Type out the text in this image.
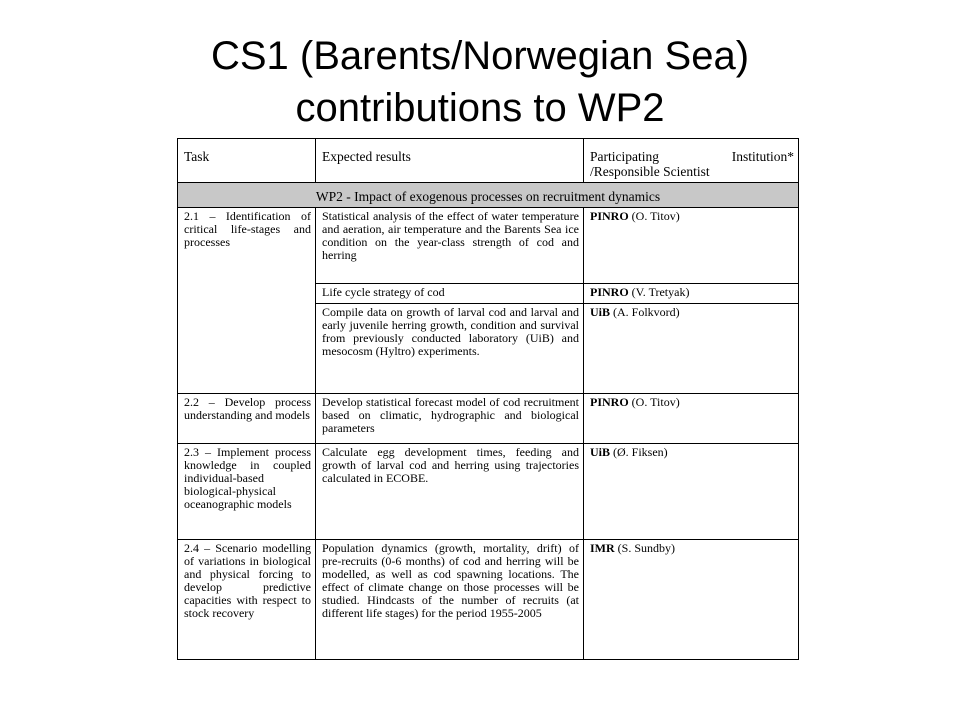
CS1 (Barents/Norwegian Sea)
contributions to WP2
Task	Expected results	Participating Institution* /Responsible Scientist
WP2 - Impact of exogenous processes on recruitment dynamics		
2.1 – Identification of critical life-stages and processes	Statistical analysis of the effect of water temperature and aeration, air temperature and the Barents Sea ice condition on the year-class strength of cod and herring	PINRO (O. Titov)
	Life cycle strategy of cod	PINRO (V. Tretyak)
	Compile data on growth of larval cod and larval and early juvenile herring growth, condition and survival from previously conducted laboratory (UiB) and mesocosm (Hyltro) experiments.	UiB (A. Folkvord)
2.2 – Develop process understanding and models	Develop statistical forecast model of cod recruitment based on climatic, hydrographic and biological parameters	PINRO (O. Titov)
2.3 – Implement process knowledge in coupled individual-based biological-physical oceanographic models	Calculate egg development times, feeding and growth of larval cod and herring using trajectories calculated in ECOBE.	UiB (Ø. Fiksen)
2.4 – Scenario modelling of variations in biological and physical forcing to develop predictive capacities with respect to stock recovery	Population dynamics (growth, mortality, drift) of pre-recruits (0-6 months) of cod and herring will be modelled, as well as cod spawning locations. The effect of climate change on those processes will be studied. Hindcasts of the number of recruits (at different life stages) for the period 1955-2005	IMR (S. Sundby)
